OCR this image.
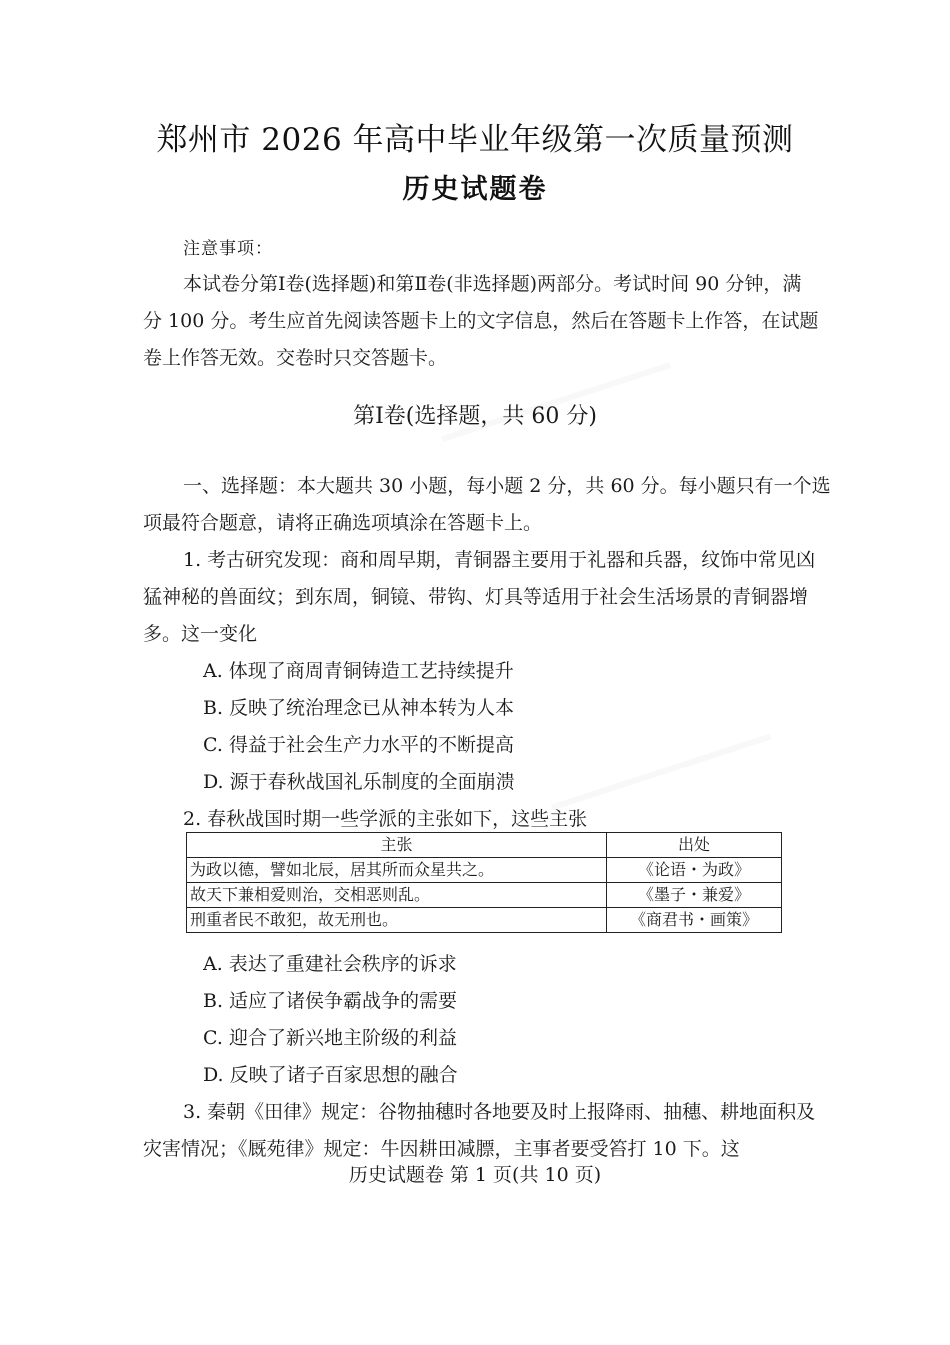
郑州市 2026 年高中毕业年级第一次质量预测
历史试题卷
注意事项：
本试卷分第Ⅰ卷(选择题)和第Ⅱ卷(非选择题)两部分。考试时间 90 分钟，满
分 100 分。考生应首先阅读答题卡上的文字信息，然后在答题卡上作答，在试题
卷上作答无效。交卷时只交答题卡。
第Ⅰ卷(选择题，共 60 分)
一、选择题：本大题共 30 小题，每小题 2 分，共 60 分。每小题只有一个选
项最符合题意，请将正确选项填涂在答题卡上。
1. 考古研究发现：商和周早期，青铜器主要用于礼器和兵器，纹饰中常见凶
猛神秘的兽面纹；到东周，铜镜、带钩、灯具等适用于社会生活场景的青铜器增
多。这一变化
A. 体现了商周青铜铸造工艺持续提升
B. 反映了统治理念已从神本转为人本
C. 得益于社会生产力水平的不断提高
D. 源于春秋战国礼乐制度的全面崩溃
2. 春秋战国时期一些学派的主张如下，这些主张
主张	出处
为政以德，譬如北辰，居其所而众星共之。	《论语・为政》
故天下兼相爱则治，交相恶则乱。	《墨子・兼爱》
刑重者民不敢犯，故无刑也。	《商君书・画策》
A. 表达了重建社会秩序的诉求
B. 适应了诸侯争霸战争的需要
C. 迎合了新兴地主阶级的利益
D. 反映了诸子百家思想的融合
3. 秦朝《田律》规定：谷物抽穗时各地要及时上报降雨、抽穗、耕地面积及
灾害情况；《厩苑律》规定：牛因耕田减膘，主事者要受笞打 10 下。这
历史试题卷 第 1 页(共 10 页)
